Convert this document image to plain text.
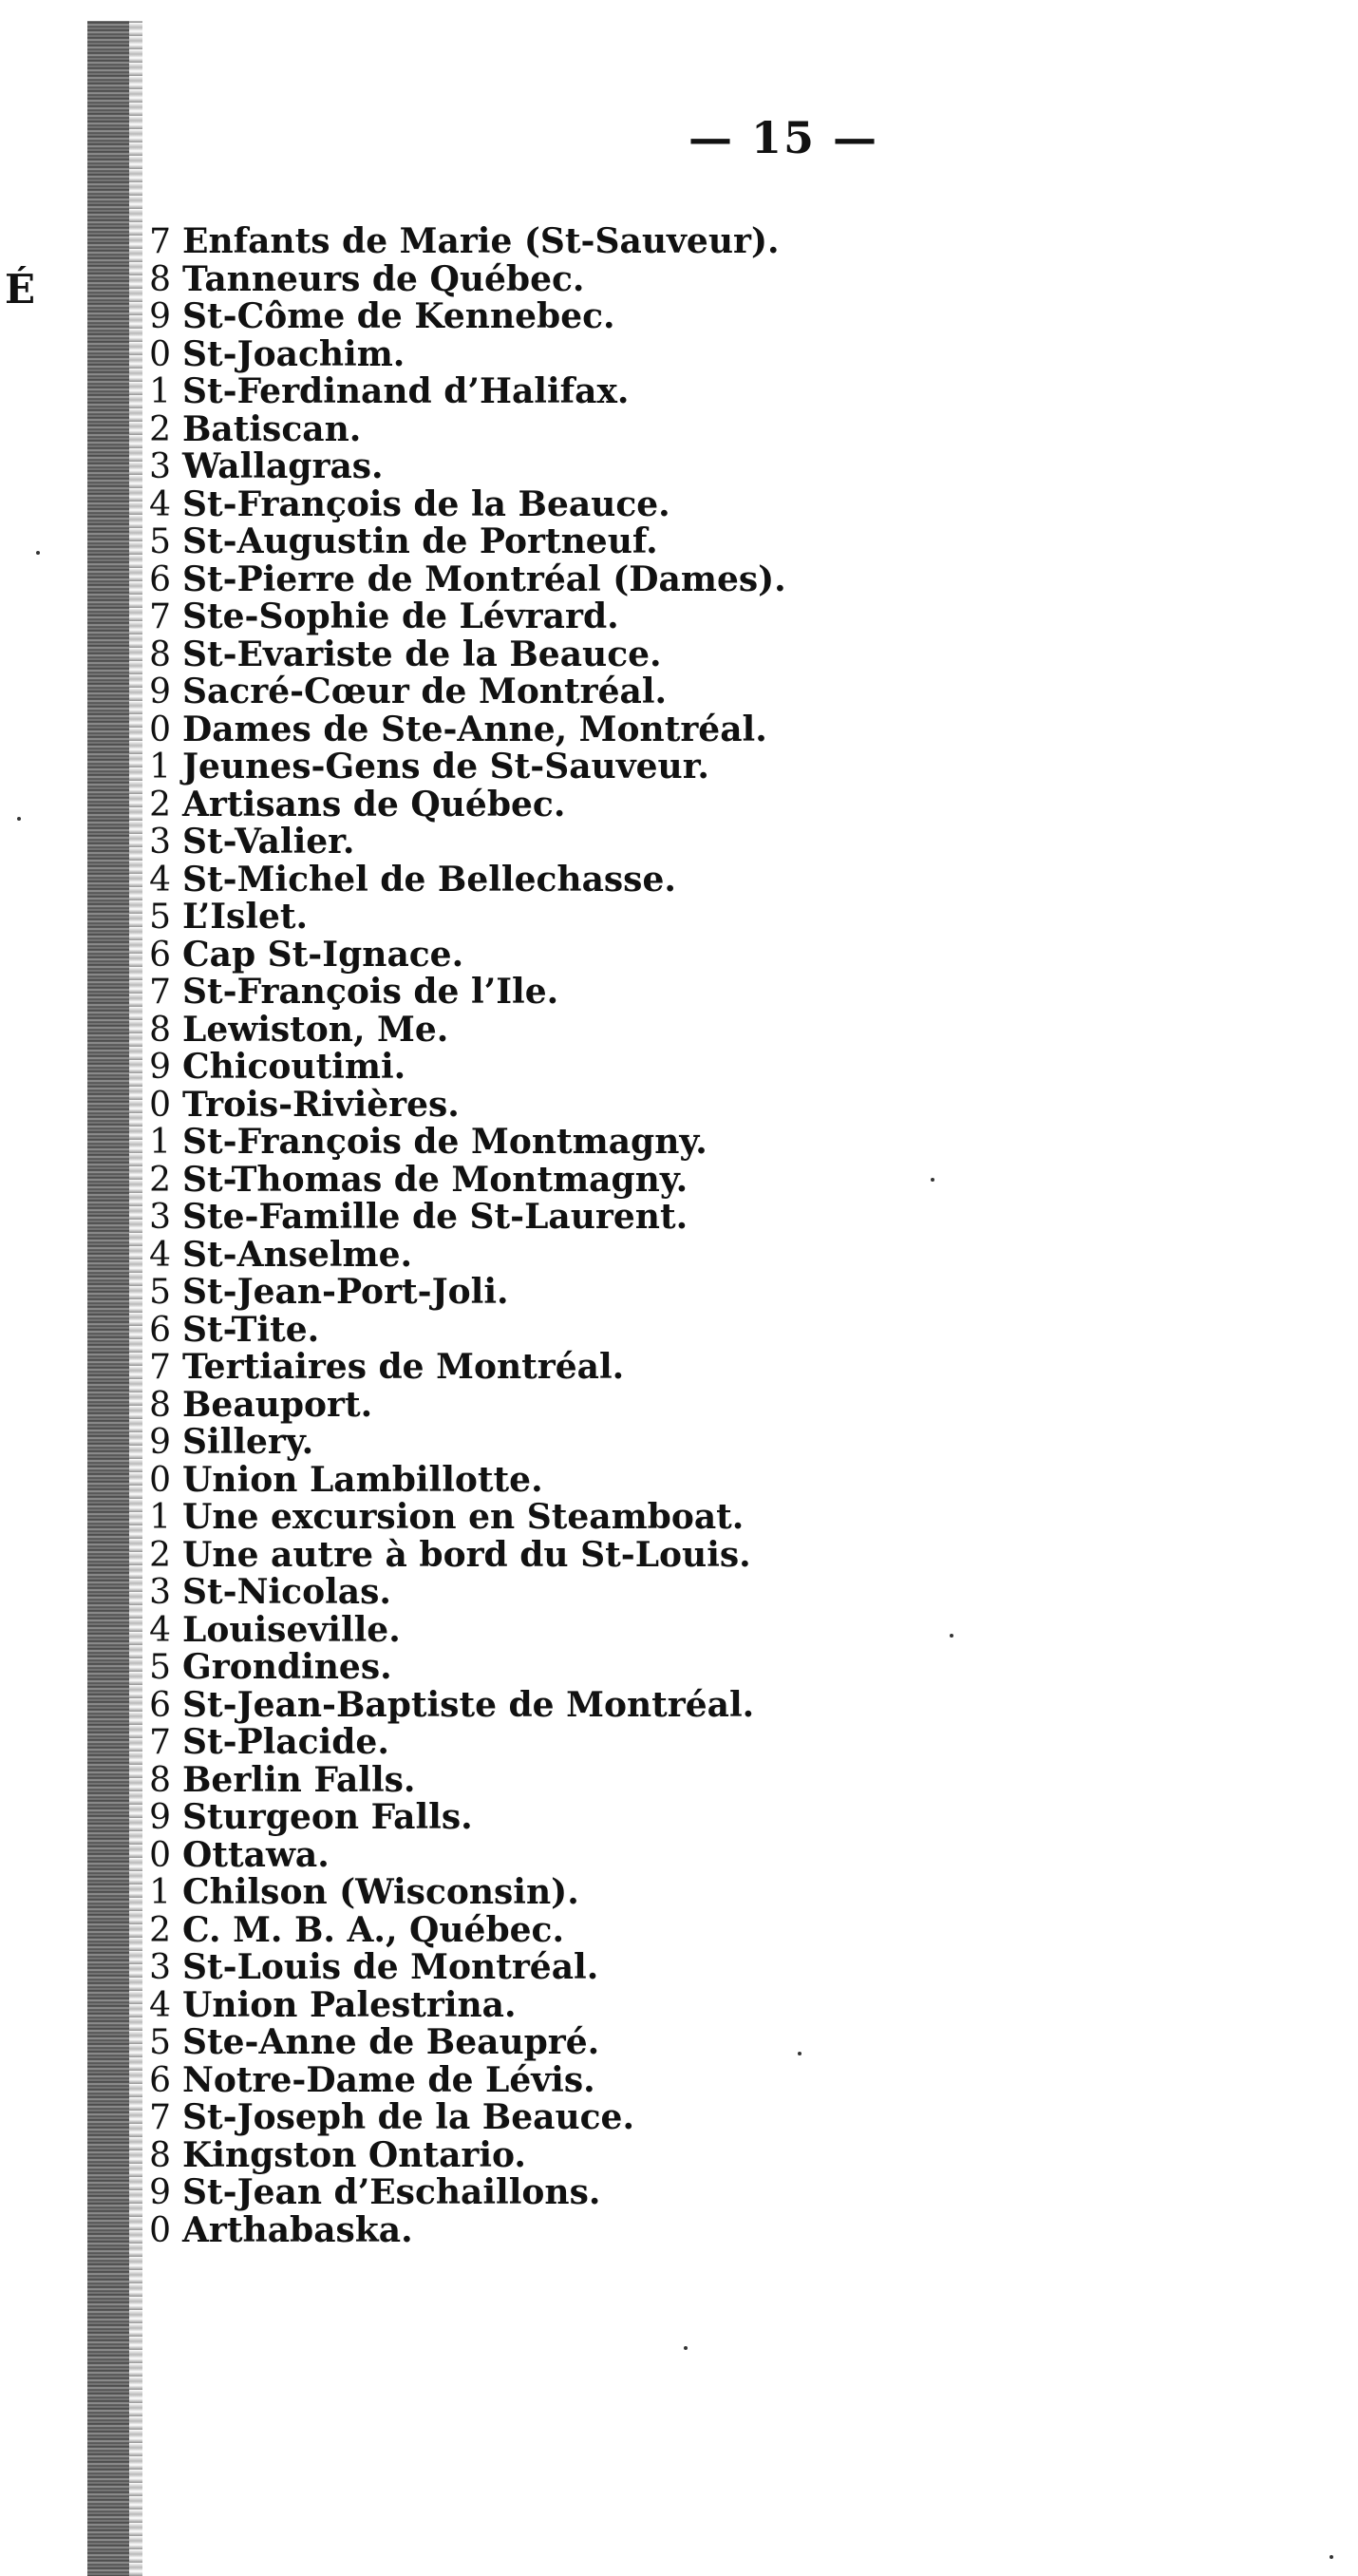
É
— 15 —
7 Enfants de Marie (St-Sauveur).
8 Tanneurs de Québec.
9 St-Côme de Kennebec.
0 St-Joachim.
1 St-Ferdinand d’Halifax.
2 Batiscan.
3 Wallagras.
4 St-François de la Beauce.
5 St-Augustin de Portneuf.
6 St-Pierre de Montréal (Dames).
7 Ste-Sophie de Lévrard.
8 St-Evariste de la Beauce.
9 Sacré-Cœur de Montréal.
0 Dames de Ste-Anne, Montréal.
1 Jeunes-Gens de St-Sauveur.
2 Artisans de Québec.
3 St-Valier.
4 St-Michel de Bellechasse.
5 L’Islet.
6 Cap St-Ignace.
7 St-François de l’Ile.
8 Lewiston, Me.
9 Chicoutimi.
0 Trois-Rivières.
1 St-François de Montmagny.
2 St-Thomas de Montmagny.
3 Ste-Famille de St-Laurent.
4 St-Anselme.
5 St-Jean-Port-Joli.
6 St-Tite.
7 Tertiaires de Montréal.
8 Beauport.
9 Sillery.
0 Union Lambillotte.
1 Une excursion en Steamboat.
2 Une autre à bord du St-Louis.
3 St-Nicolas.
4 Louiseville.
5 Grondines.
6 St-Jean-Baptiste de Montréal.
7 St-Placide.
8 Berlin Falls.
9 Sturgeon Falls.
0 Ottawa.
1 Chilson (Wisconsin).
2 C. M. B. A., Québec.
3 St-Louis de Montréal.
4 Union Palestrina.
5 Ste-Anne de Beaupré.
6 Notre-Dame de Lévis.
7 St-Joseph de la Beauce.
8 Kingston Ontario.
9 St-Jean d’Eschaillons.
0 Arthabaska.
